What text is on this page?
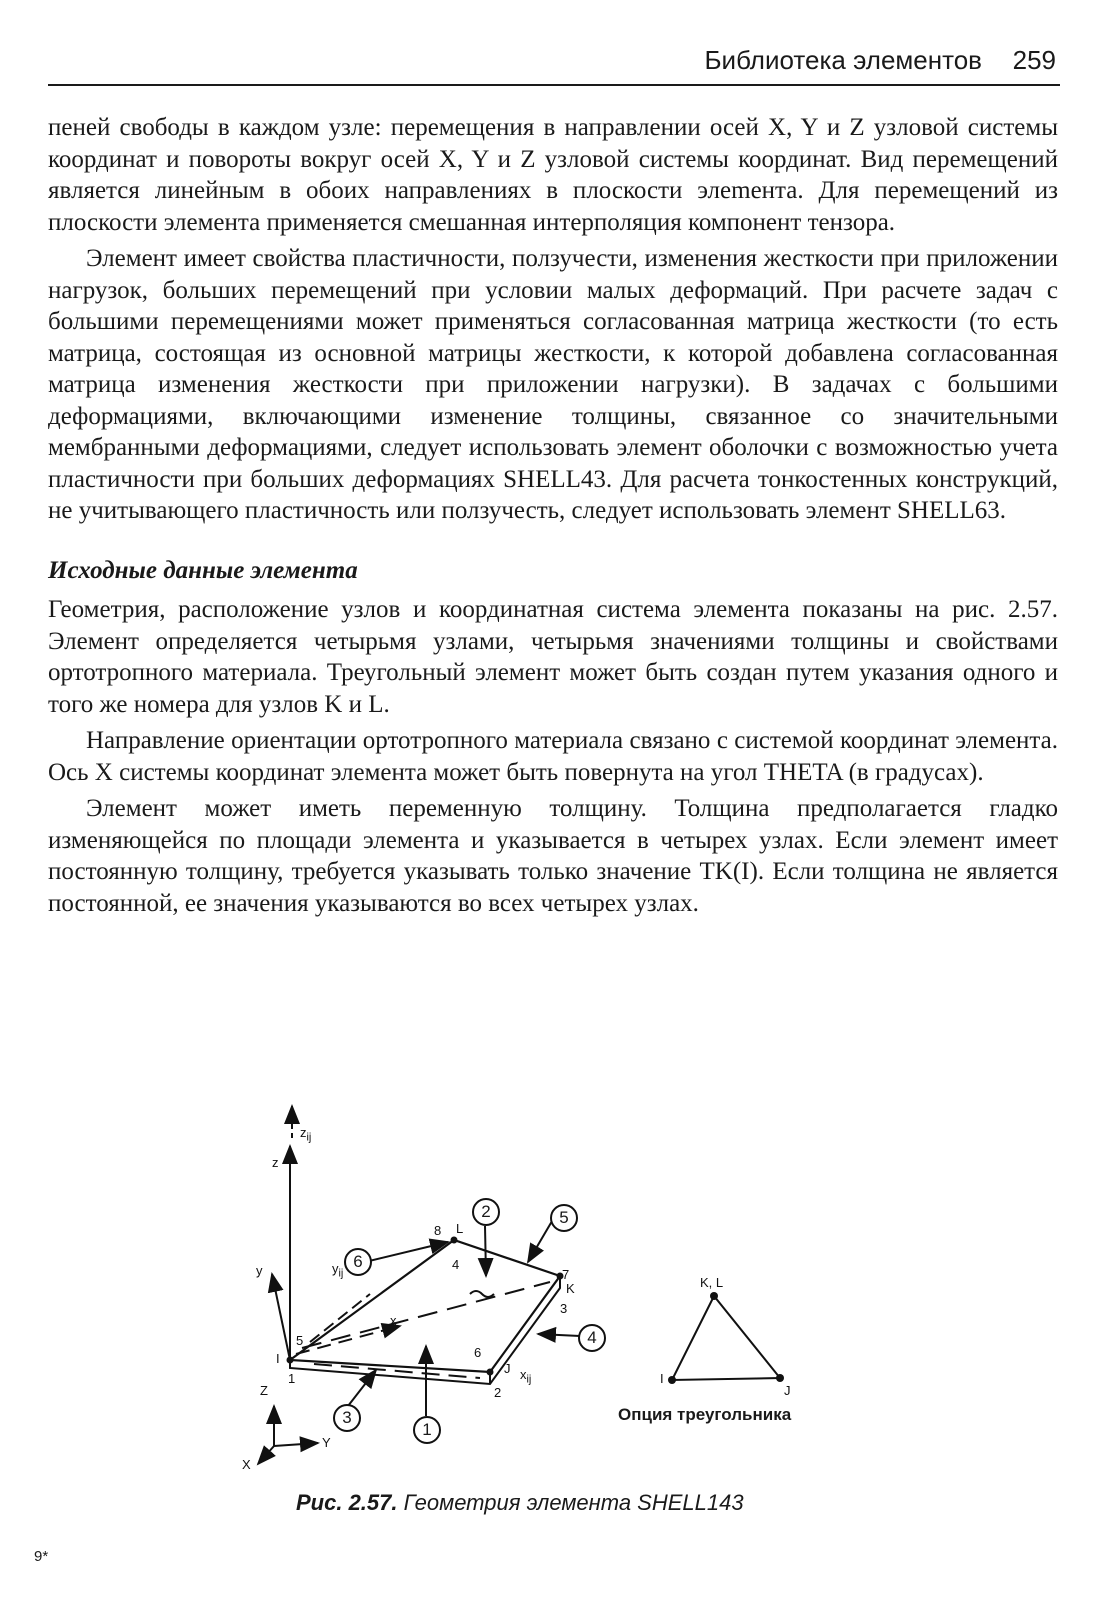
Библиотека элементов 259

пеней свободы в каждом узле: перемещения в направлении осей X, Y и Z узловой системы координат и повороты вокруг осей X, Y и Z узловой системы координат. Вид перемещений является линейным в обоих направлениях в плоскости элеmента. Для перемещений из плоскости элемента применяется смешанная интерполяция компонент тензора.

Элемент имеет свойства пластичности, ползучести, изменения жесткости при приложении нагрузок, больших перемещений при условии малых деформаций. При расчете задач с большими перемещениями может применяться согласованная матрица жесткости (то есть матрица, состоящая из основной матрицы жесткости, к которой добавлена согласованная матрица изменения жесткости при приложении нагрузки). В задачах с большими деформациями, включающими изменение толщины, связанное со значительными мембранными деформациями, следует использовать элемент оболочки с возможностью учета пластичности при больших деформациях SHELL43. Для расчета тонкостенных конструкций, не учитывающего пластичность или ползучесть, следует использовать элемент SHELL63.

Исходные данные элемента

Геометрия, расположение узлов и координатная система элемента показаны на рис. 2.57. Элемент определяется четырьмя узлами, четырьмя значениями толщины и свойствами ортотропного материала. Треугольный элемент может быть создан путем указания одного и того же номера для узлов K и L.

Направление ориентации ортотропного материала связано с системой координат элемента. Ось X системы координат элемента может быть повернута на угол THETA (в градусах).

Элемент может иметь переменную толщину. Толщина предполагается гладко изменяющейся по площади элемента и указывается в четырех узлах. Если элемент имеет постоянную толщину, требуется указывать только значение TK(I). Если толщина не является постоянной, ее значения указываются во всех четырех узлах.

z
$z_{ij}$
y	$y_{ij}$
x
$x_{ij}$
8 L
4
7
K
3
5
I
1
6
J
2
1
2
3
4
5
6
Z
Y
X
K, L
I
J
Опция треугольника
Рис. 2.57. Геометрия элемента SHELL143
9*
